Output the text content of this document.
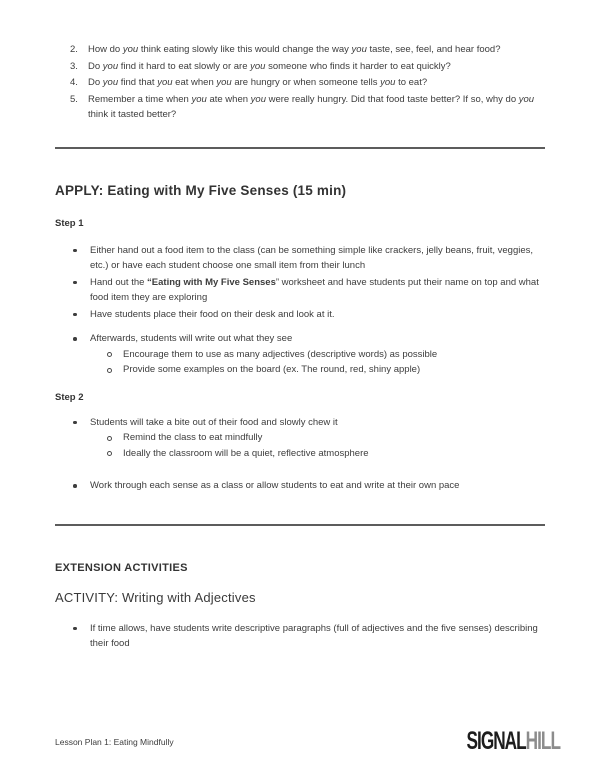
2. How do you think eating slowly like this would change the way you taste, see, feel, and hear food?
3. Do you find it hard to eat slowly or are you someone who finds it harder to eat quickly?
4. Do you find that you eat when you are hungry or when someone tells you to eat?
5. Remember a time when you ate when you were really hungry. Did that food taste better? If so, why do you think it tasted better?
APPLY: Eating with My Five Senses (15 min)
Step 1
Either hand out a food item to the class (can be something simple like crackers, jelly beans, fruit, veggies, etc.) or have each student choose one small item from their lunch
Hand out the “Eating with My Five Senses” worksheet and have students put their name on top and what food item they are exploring
Have students place their food on their desk and look at it.
Afterwards, students will write out what they see
Encourage them to use as many adjectives (descriptive words) as possible
Provide some examples on the board (ex. The round, red, shiny apple)
Step 2
Students will take a bite out of their food and slowly chew it
Remind the class to eat mindfully
Ideally the classroom will be a quiet, reflective atmosphere
Work through each sense as a class or allow students to eat and write at their own pace
EXTENSION ACTIVITIES
ACTIVITY: Writing with Adjectives
If time allows, have students write descriptive paragraphs (full of adjectives and the five senses) describing their food
Lesson Plan 1: Eating Mindfully	SIGNALHILL
